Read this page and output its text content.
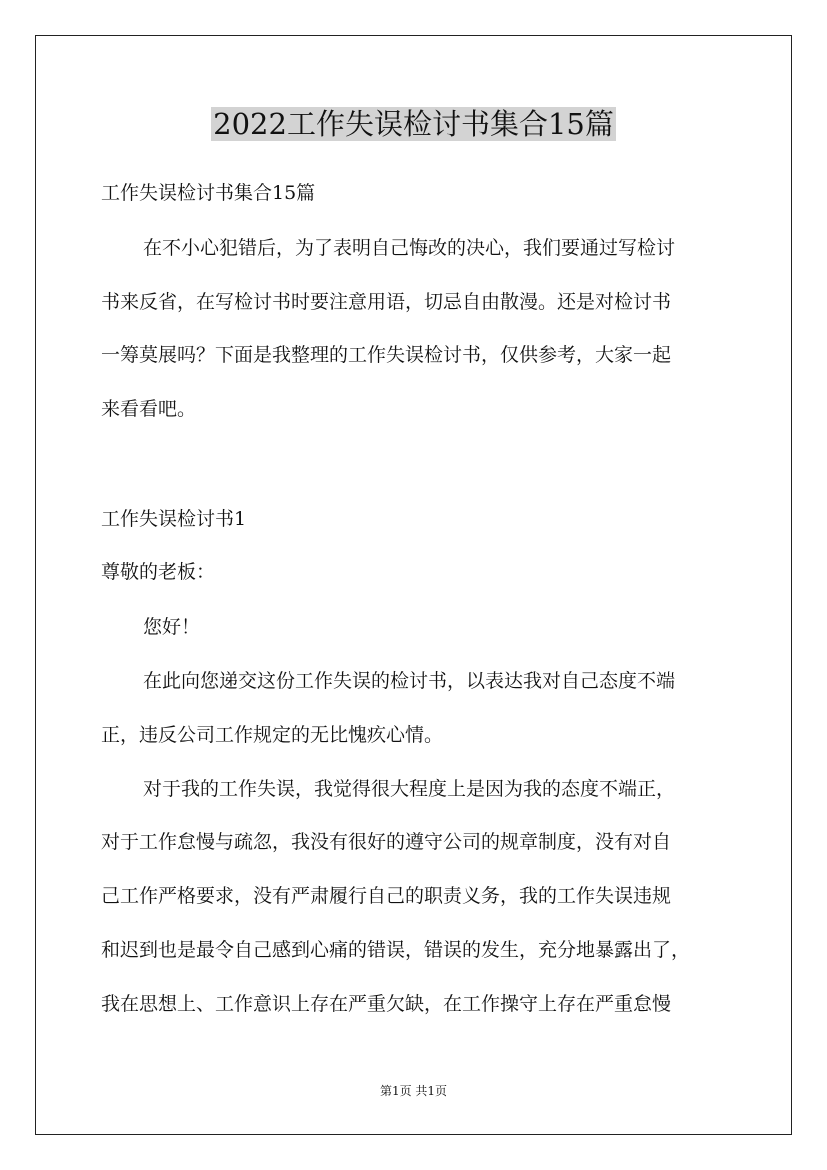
2022工作失误检讨书集合15篇

工作失误检讨书集合15篇

在不小心犯错后，为了表明自己悔改的决心，我们要通过写检讨

书来反省，在写检讨书时要注意用语，切忌自由散漫。还是对检讨书

一筹莫展吗？下面是我整理的工作失误检讨书，仅供参考，大家一起

来看看吧。

工作失误检讨书1

尊敬的老板：

您好！

在此向您递交这份工作失误的检讨书，以表达我对自己态度不端

正，违反公司工作规定的无比愧疚心情。

对于我的工作失误，我觉得很大程度上是因为我的态度不端正，

对于工作怠慢与疏忽，我没有很好的遵守公司的规章制度，没有对自

己工作严格要求，没有严肃履行自己的职责义务，我的工作失误违规

和迟到也是最令自己感到心痛的错误，错误的发生，充分地暴露出了，

我在思想上、工作意识上存在严重欠缺，在工作操守上存在严重怠慢

第1页 共1页
